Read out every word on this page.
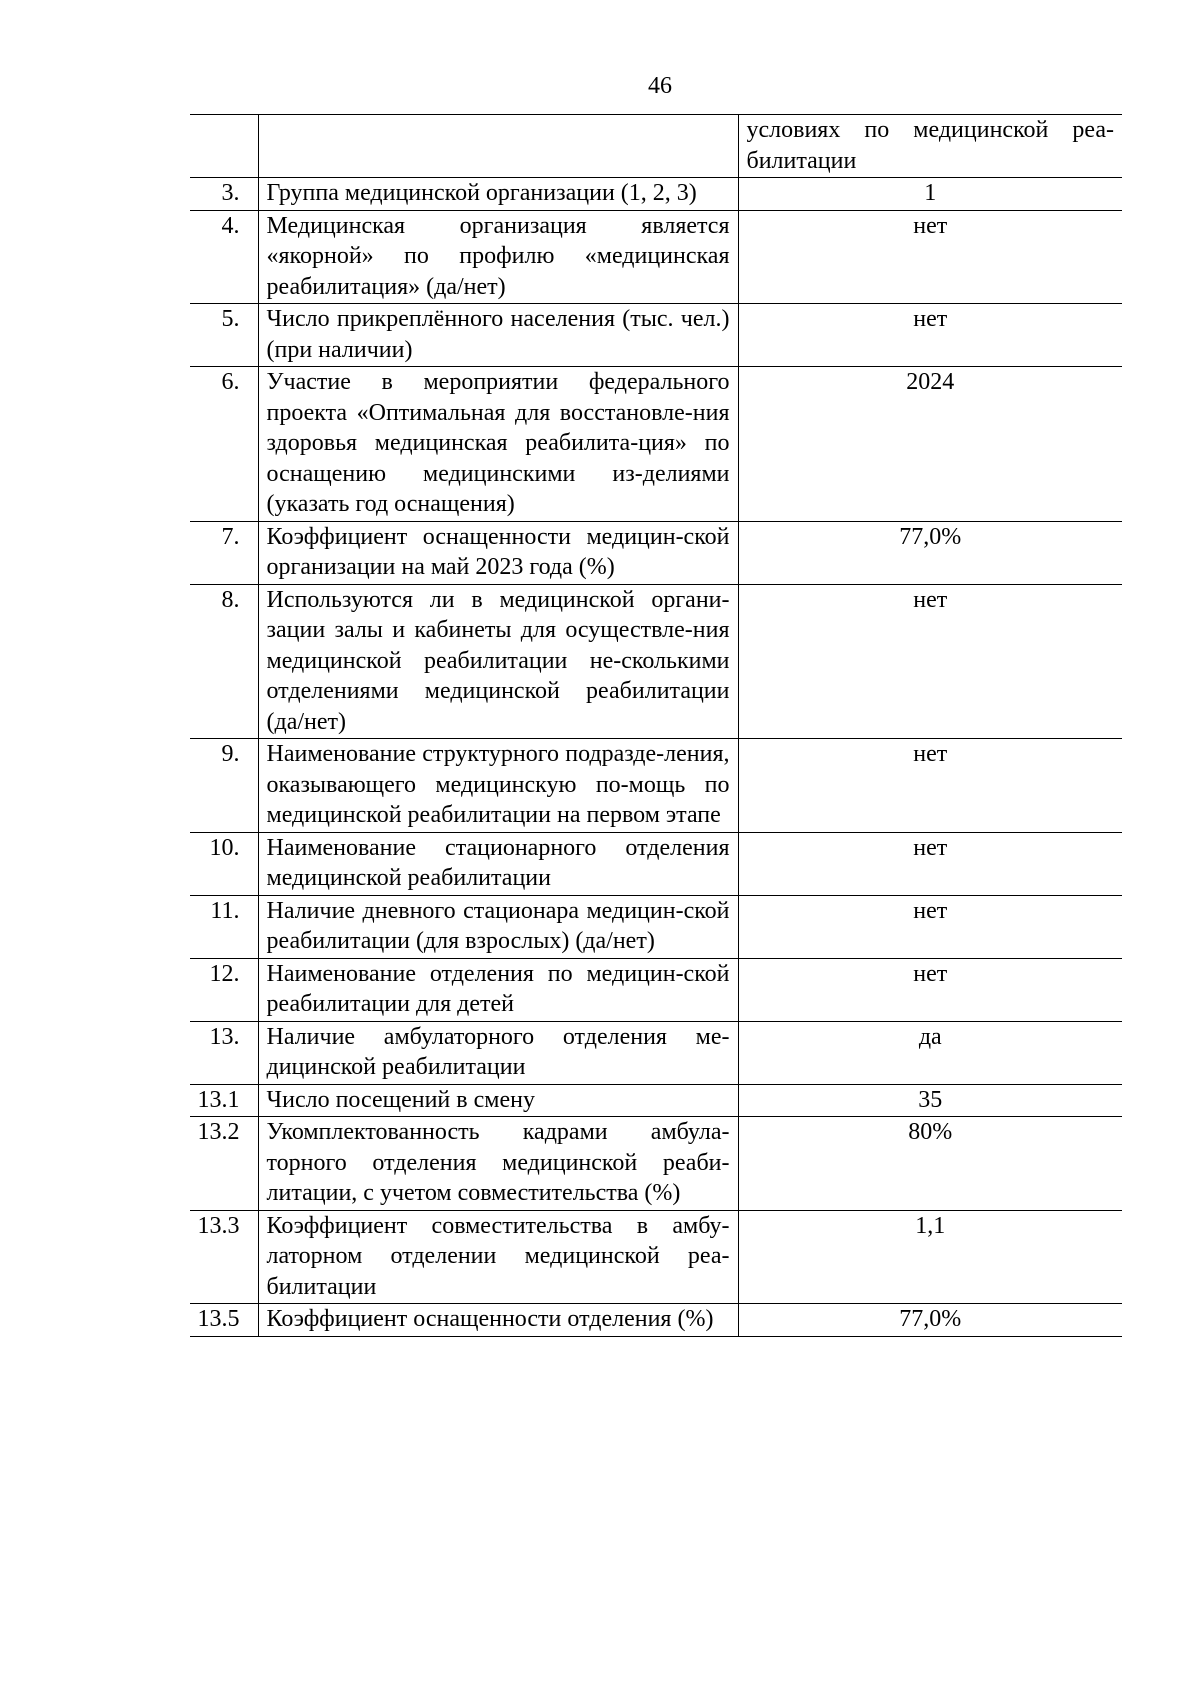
46
		условиях по медицинской реа-билитации
3.	Группа медицинской организации (1, 2, 3)	1
4.	Медицинская организация является «якорной» по профилю «медицинская реабилитация» (да/нет)	нет
5.	Число прикреплённого населения (тыс. чел.) (при наличии)	нет
6.	Участие в мероприятии федерального проекта «Оптимальная для восстановле-ния здоровья медицинская реабилита-ция» по оснащению медицинскими из-делиями (указать год оснащения)	2024
7.	Коэффициент оснащенности медицин-ской организации на май 2023 года (%)	77,0%
8.	Используются ли в медицинской органи-зации залы и кабинеты для осуществле-ния медицинской реабилитации не-сколькими отделениями медицинской реабилитации (да/нет)	нет
9.	Наименование структурного подразде-ления, оказывающего медицинскую по-мощь по медицинской реабилитации на первом этапе	нет
10.	Наименование стационарного отделения медицинской реабилитации	нет
11.	Наличие дневного стационара медицин-ской реабилитации (для взрослых) (да/нет)	нет
12.	Наименование отделения по медицин-ской реабилитации для детей	нет
13.	Наличие амбулаторного отделения ме-дицинской реабилитации	да
13.1	Число посещений в смену	35
13.2	Укомплектованность кадрами амбула-торного отделения медицинской реаби-литации, с учетом совместительства (%)	80%
13.3	Коэффициент совместительства в амбу-латорном отделении медицинской реа-билитации	1,1
13.5	Коэффициент оснащенности отделения (%)	77,0%
